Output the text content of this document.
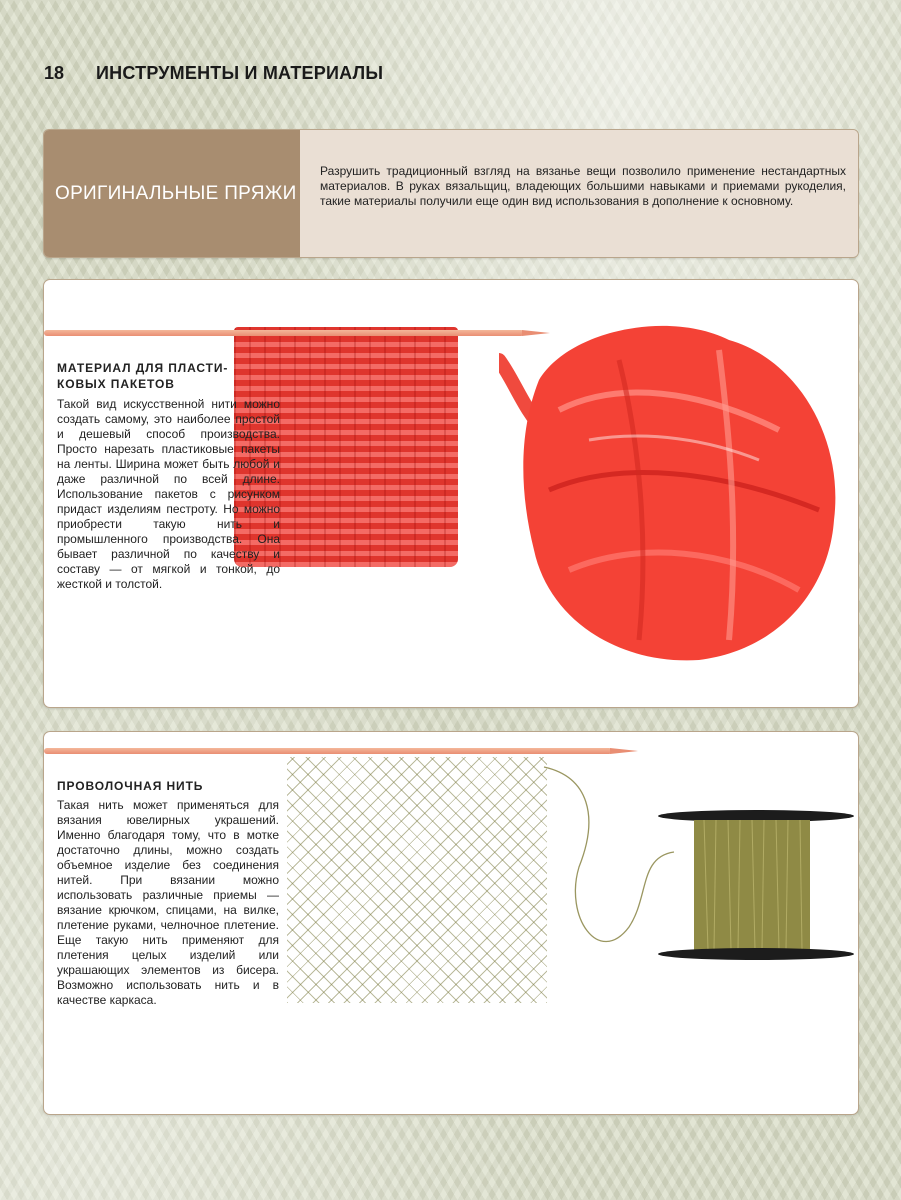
18 ИНСТРУМЕНТЫ И МАТЕРИАЛЫ
ОРИГИНАЛЬНЫЕ ПРЯЖИ
Разрушить традиционный взгляд на вязанье вещи позволило применение нестандартных материалов. В руках вязальщиц, владеющих большими навыками и приемами рукоделия, такие материалы получили еще один вид использования в дополнение к основному.
МАТЕРИАЛ ДЛЯ ПЛАСТИ-
КОВЫХ ПАКЕТОВ
Такой вид искусственной нити можно создать самому, это наиболее простой и дешевый способ производства. Просто нарезать пластиковые пакеты на ленты. Ширина может быть любой и даже различной по всей длине. Использование пакетов с рисунком придаст изделиям пестроту. Но можно приобрести такую нить и промышленного производства. Она бывает различной по качеству и составу — от мягкой и тонкой, до жесткой и толстой.
ПРОВОЛОЧНАЯ НИТЬ
Такая нить может применяться для вязания ювелирных украшений. Именно благодаря тому, что в мотке достаточно длины, можно создать объемное изделие без соединения нитей. При вязании можно использовать различные приемы — вязание крючком, спицами, на вилке, плетение руками, челночное плетение. Еще такую нить применяют для плетения целых изделий или украшающих элементов из бисера. Возможно использовать нить и в качестве каркаса.
